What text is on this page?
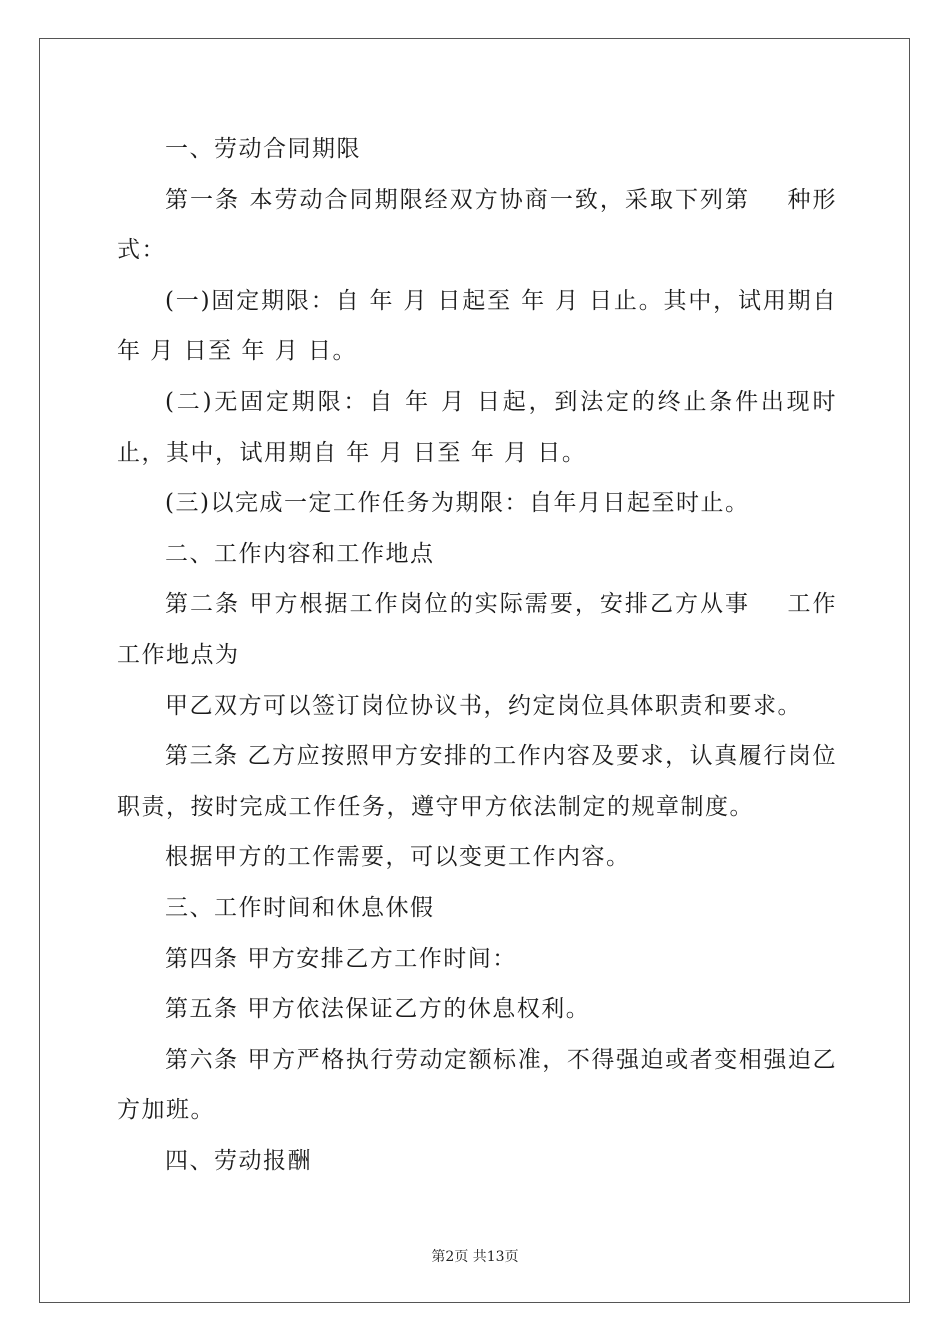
一、劳动合同期限

第一条 本劳动合同期限经双方协商一致，采取下列第    种形式：

(一)固定期限：自 年 月 日起至 年 月 日止。其中，试用期自 年 月 日至 年 月 日。

(二)无固定期限：自 年 月 日起，到法定的终止条件出现时止，其中，试用期自 年 月 日至 年 月 日。

(三)以完成一定工作任务为期限：自年月日起至时止。

二、工作内容和工作地点

第二条 甲方根据工作岗位的实际需要，安排乙方从事    工作工作地点为

甲乙双方可以签订岗位协议书，约定岗位具体职责和要求。

第三条 乙方应按照甲方安排的工作内容及要求，认真履行岗位职责，按时完成工作任务，遵守甲方依法制定的规章制度。

根据甲方的工作需要，可以变更工作内容。

三、工作时间和休息休假

第四条 甲方安排乙方工作时间：

第五条 甲方依法保证乙方的休息权利。

第六条 甲方严格执行劳动定额标准，不得强迫或者变相强迫乙方加班。

四、劳动报酬

第2页 共13页
